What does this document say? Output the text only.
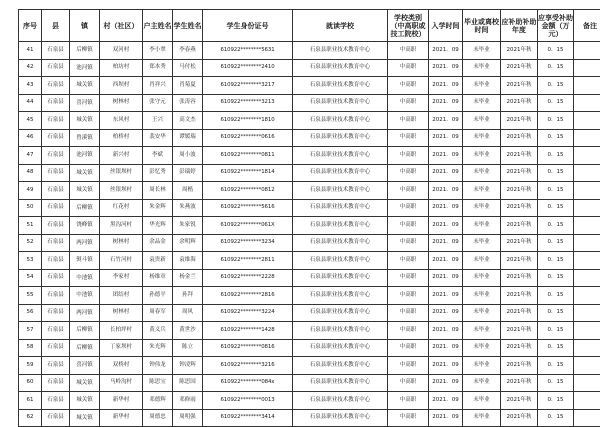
序号	县	镇	村（社区）	户主姓名	学生姓名	学生身份证号	就读学校	学校类别（中高职或技工院校）	入学时间	毕业或离校时间	应补助补助年度	应享受补助金额（万元）	备注
41	石泉县	后柳镇	双河村	李小翠	李春燕	610922********5631	石泉县职业技术教育中心	中高职	2021．09	未毕业	2021年秋	0．15	
42	石泉县	池河镇	柏坊村	郑本秀	马付松	610922********2410	石泉县职业技术教育中心	中高职	2021．09	未毕业	2021年秋	0．15	
43	石泉县	城关镇	西坝村	肖祥兴	肖菊夏	610922********3217	石泉县职业技术教育中心	中高职	2021．09	未毕业	2021年秋	0．15	
44	石泉县	喜河镇	树林村	张守元	张涛容	610922********3213	石泉县职业技术教育中心	中高职	2021．09	未毕业	2021年秋	0．15	
45	石泉县	城关镇	东风村	王兴	高文杰	610922********1810	石泉县职业技术教育中心	中高职	2021．09	未毕业	2021年秋	0．15	
46	石泉县	曾溪镇	柏桥村	裴安华	谭媛瑞	610922********0616	石泉县职业技术教育中心	中高职	2021．09	未毕业	2021年秋	0．15	
47	石泉县	池河镇	新兴村	李斌	周小波	610922********0811	石泉县职业技术教育中心	中高职	2021．09	未毕业	2021年秋	0．15	
48	石泉县	城关镇	丝银坝村	彭忆秀	彭瑞婷	610922********1814	石泉县职业技术教育中心	中高职	2021．09	未毕业	2021年秋	0．15	
49	石泉县	城关镇	丝银坝村	周长林	周楷	610922********0812	石泉县职业技术教育中心	中高职	2021．09	未毕业	2021年秋	0．15	
50	石泉县	后柳镇	红花村	朱金辉	朱燕波	610922********5616	石泉县职业技术教育中心	中高职	2021．09	未毕业	2021年秋	0．15	
51	石泉县	饶峰镇	黑沟河村	华光辉	朱家锐	610922********061X	石泉县职业技术教育中心	中高职	2021．09	未毕业	2021年秋	0．15	
52	石泉县	两河镇	树林村	余品金	余明辉	610922********3234	石泉县职业技术教育中心	中高职	2021．09	未毕业	2021年秋	0．15	
53	石泉县	熨斗镇	石竹河村	袁贵新	袁维海	610922********2811	石泉县职业技术教育中心	中高职	2021．09	未毕业	2021年秋	0．15	
54	石泉县	中池镇	李家村	杨维章	杨金兰	610922********2228	石泉县职业技术教育中心	中高职	2021．09	未毕业	2021年秋	0．15	
55	石泉县	中池镇	团结村	孙德平	孙拜	610922********2816	石泉县职业技术教育中心	中高职	2021．09	未毕业	2021年秋	0．15	
56	石泉县	两河镇	树林村	周春军	周风	610922********3224	石泉县职业技术教育中心	中高职	2021．09	未毕业	2021年秋	0．15	
57	石泉县	后柳镇	长柏坪村	黄义兵	黄世沙	610922********1428	石泉县职业技术教育中心	中高职	2021．09	未毕业	2021年秋	0．15	
58	石泉县	后柳镇	丁家坝村	朱光辉	陈立	610922********0816	石泉县职业技术教育中心	中高职	2021．09	未毕业	2021年秋	0．15	
59	石泉县	喜河镇	双桥村	钟伟龙	钟凌辉	610922********3216	石泉县职业技术教育中心	中高职	2021．09	未毕业	2021年秋	0．15	
60	石泉县	城关镇	马岭沟村	陈思宝	陈思国	610922********084x	石泉县职业技术教育中心	中高职	2021．09	未毕业	2021年秋	0．15	
61	石泉县	城关镇	新华村	邓德辉	邓修雨	610922********0013	石泉县职业技术教育中心	中高职	2021．09	未毕业	2021年秋	0．15	
62	石泉县	城关镇	新华村	周德忠	周明强	610922********3414	石泉县职业技术教育中心	中高职	2021．09	未毕业	2021年秋	0．15	
